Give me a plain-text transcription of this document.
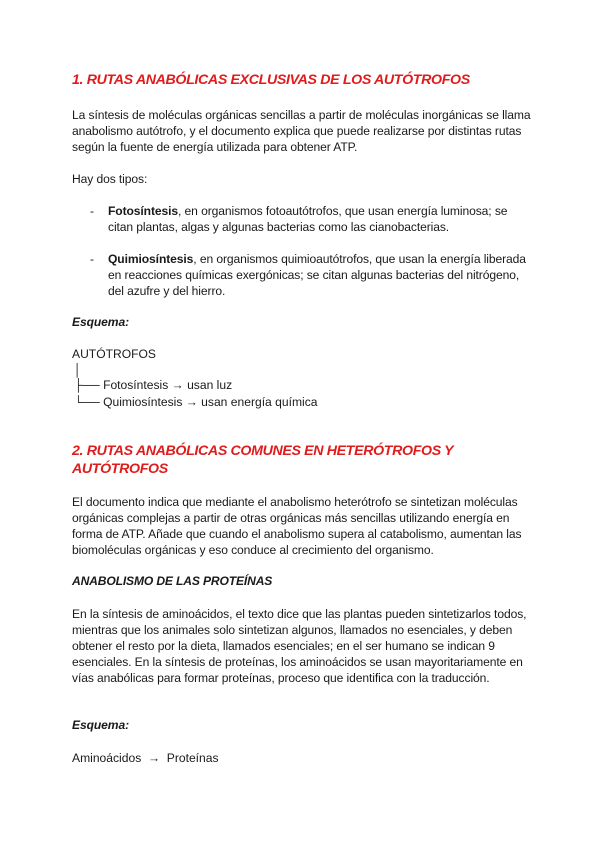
1. RUTAS ANABÓLICAS EXCLUSIVAS DE LOS AUTÓTROFOS

La síntesis de moléculas orgánicas sencillas a partir de moléculas inorgánicas se llama anabolismo autótrofo, y el documento explica que puede realizarse por distintas rutas según la fuente de energía utilizada para obtener ATP.

Hay dos tipos:

- Fotosíntesis, en organismos fotoautótrofos, que usan energía luminosa; se citan plantas, algas y algunas bacterias como las cianobacterias.

- Quimiosíntesis, en organismos quimioautótrofos, que usan la energía liberada en reacciones químicas exergónicas; se citan algunas bacterias del nitrógeno, del azufre y del hierro.

Esquema:

AUTÓTROFOS

│
├── Fotosíntesis → usan luz
└── Quimiosíntesis → usan energía química
2. RUTAS ANABÓLICAS COMUNES EN HETERÓTROFOS Y
AUTÓTROFOS

El documento indica que mediante el anabolismo heterótrofo se sintetizan moléculas orgánicas complejas a partir de otras orgánicas más sencillas utilizando energía en forma de ATP. Añade que cuando el anabolismo supera al catabolismo, aumentan las biomoléculas orgánicas y eso conduce al crecimiento del organismo.

ANABOLISMO DE LAS PROTEÍNAS

En la síntesis de aminoácidos, el texto dice que las plantas pueden sintetizarlos todos, mientras que los animales solo sintetizan algunos, llamados no esenciales, y deben obtener el resto por la dieta, llamados esenciales; en el ser humano se indican 9 esenciales. En la síntesis de proteínas, los aminoácidos se usan mayoritariamente en vías anabólicas para formar proteínas, proceso que identifica con la traducción.

Esquema:

Aminoácidos  →  Proteínas
